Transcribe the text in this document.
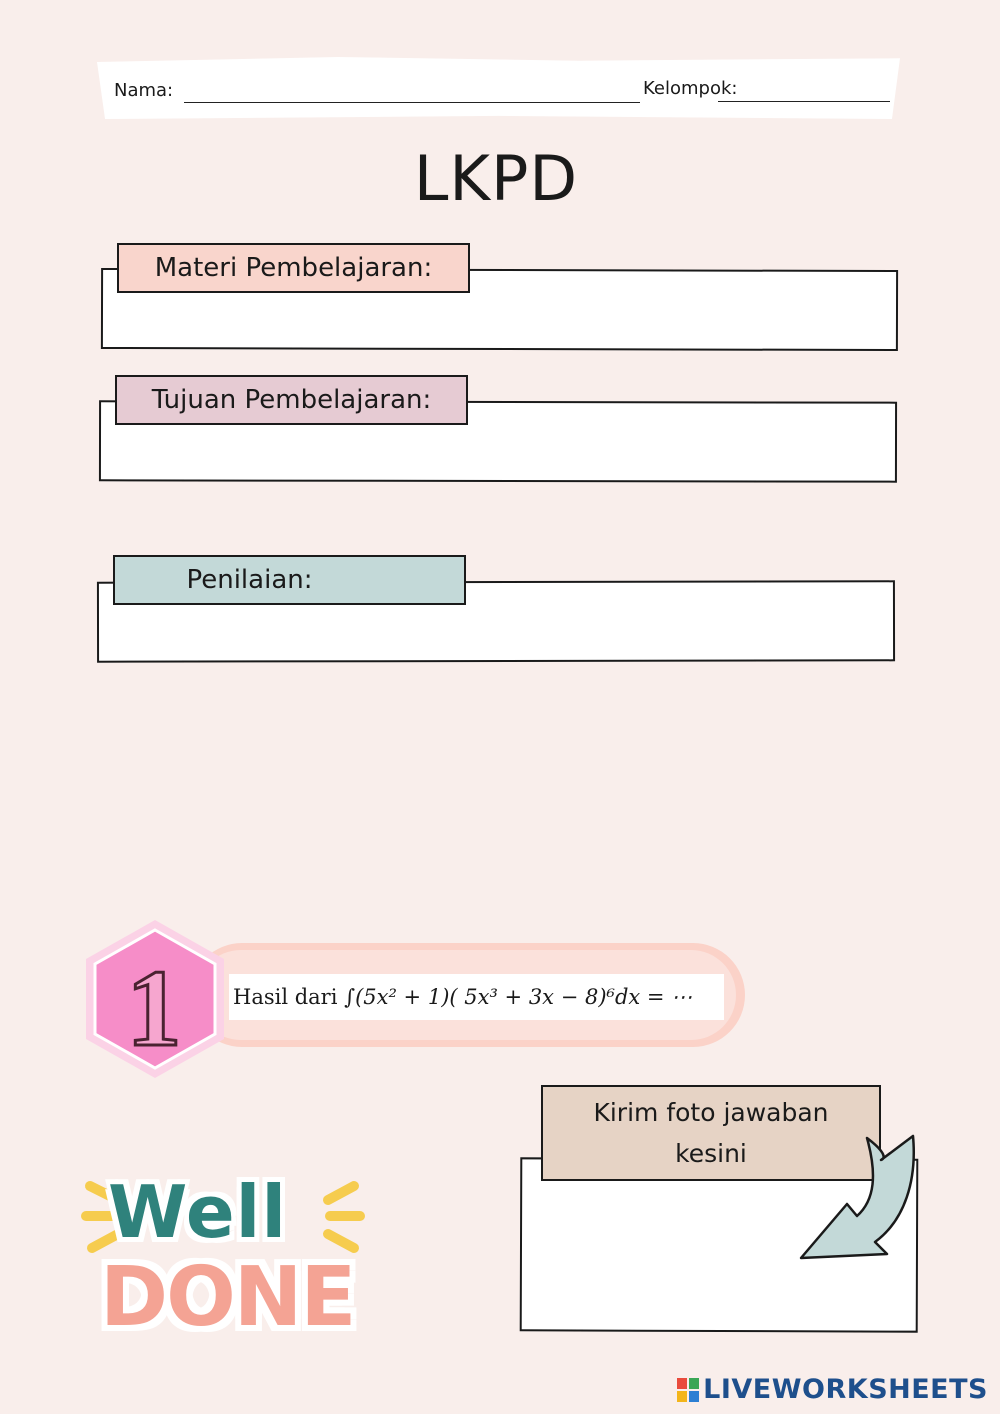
Nama:	Kelompok:
LKPD
Materi Pembelajaran:
Tujuan Pembelajaran:
Penilaian:
Hasil dari
∫(5x² + 1)( 5x³ + 3x − 8)⁶dx = ⋯
1
Kirim foto jawaban
kesini
Well
DONE
LIVEWORKSHEETS
